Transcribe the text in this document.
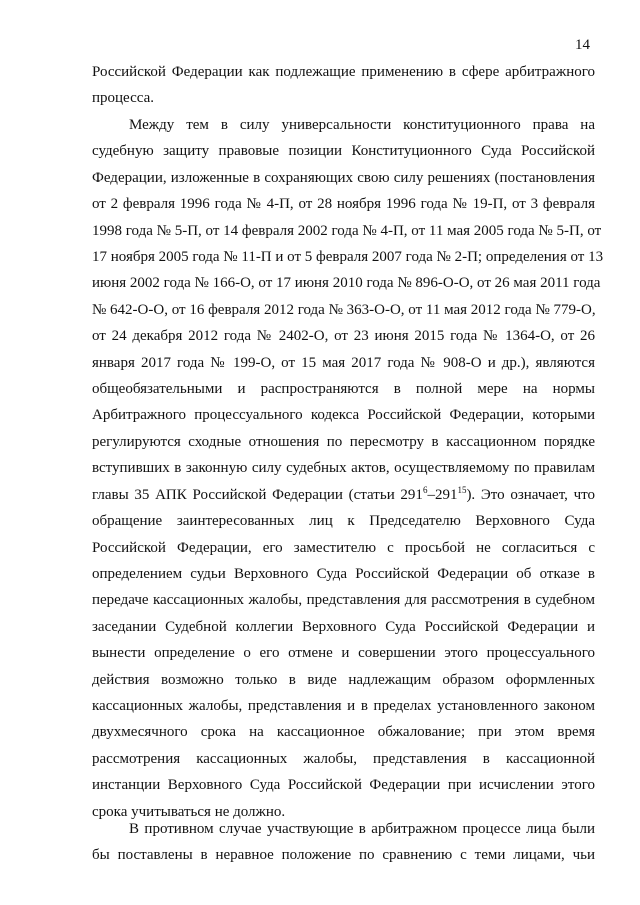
14
Российской Федерации как подлежащие применению в сфере арбитражного
процесса.
Между тем в силу универсальности конституционного права на
судебную защиту правовые позиции Конституционного Суда Российской
Федерации, изложенные в сохраняющих свою силу решениях (постановления
от 2 февраля 1996 года № 4-П, от 28 ноября 1996 года № 19-П, от 3 февраля
1998 года № 5-П, от 14 февраля 2002 года № 4-П, от 11 мая 2005 года № 5-П, от
17 ноября 2005 года № 11-П и от 5 февраля 2007 года № 2-П; определения от 13
июня 2002 года № 166-О, от 17 июня 2010 года № 896-О-О, от 26 мая 2011 года
№ 642-О-О, от 16 февраля 2012 года № 363-О-О, от 11 мая 2012 года № 779-О,
от 24 декабря 2012 года № 2402-О, от 23 июня 2015 года № 1364-О, от 26
января 2017 года № 199-О, от 15 мая 2017 года № 908-О и др.), являются
общеобязательными и распространяются в полной мере на нормы
Арбитражного процессуального кодекса Российской Федерации, которыми
регулируются сходные отношения по пересмотру в кассационном порядке
вступивших в законную силу судебных актов, осуществляемому по правилам
главы 35 АПК Российской Федерации (статьи $291^6-291^{15}$). Это означает, что
обращение заинтересованных лиц к Председателю Верховного Суда
Российской Федерации, его заместителю с просьбой не согласиться с
определением судьи Верховного Суда Российской Федерации об отказе в
передаче кассационных жалобы, представления для рассмотрения в судебном
заседании Судебной коллегии Верховного Суда Российской Федерации и
вынести определение о его отмене и совершении этого процессуального
действия возможно только в виде надлежащим образом оформленных
кассационных жалобы, представления и в пределах установленного законом
двухмесячного срока на кассационное обжалование; при этом время
рассмотрения кассационных жалобы, представления в кассационной
инстанции Верховного Суда Российской Федерации при исчислении этого
срока учитываться не должно.
В противном случае участвующие в арбитражном процессе лица были
бы поставлены в неравное положение по сравнению с теми лицами, чьи
